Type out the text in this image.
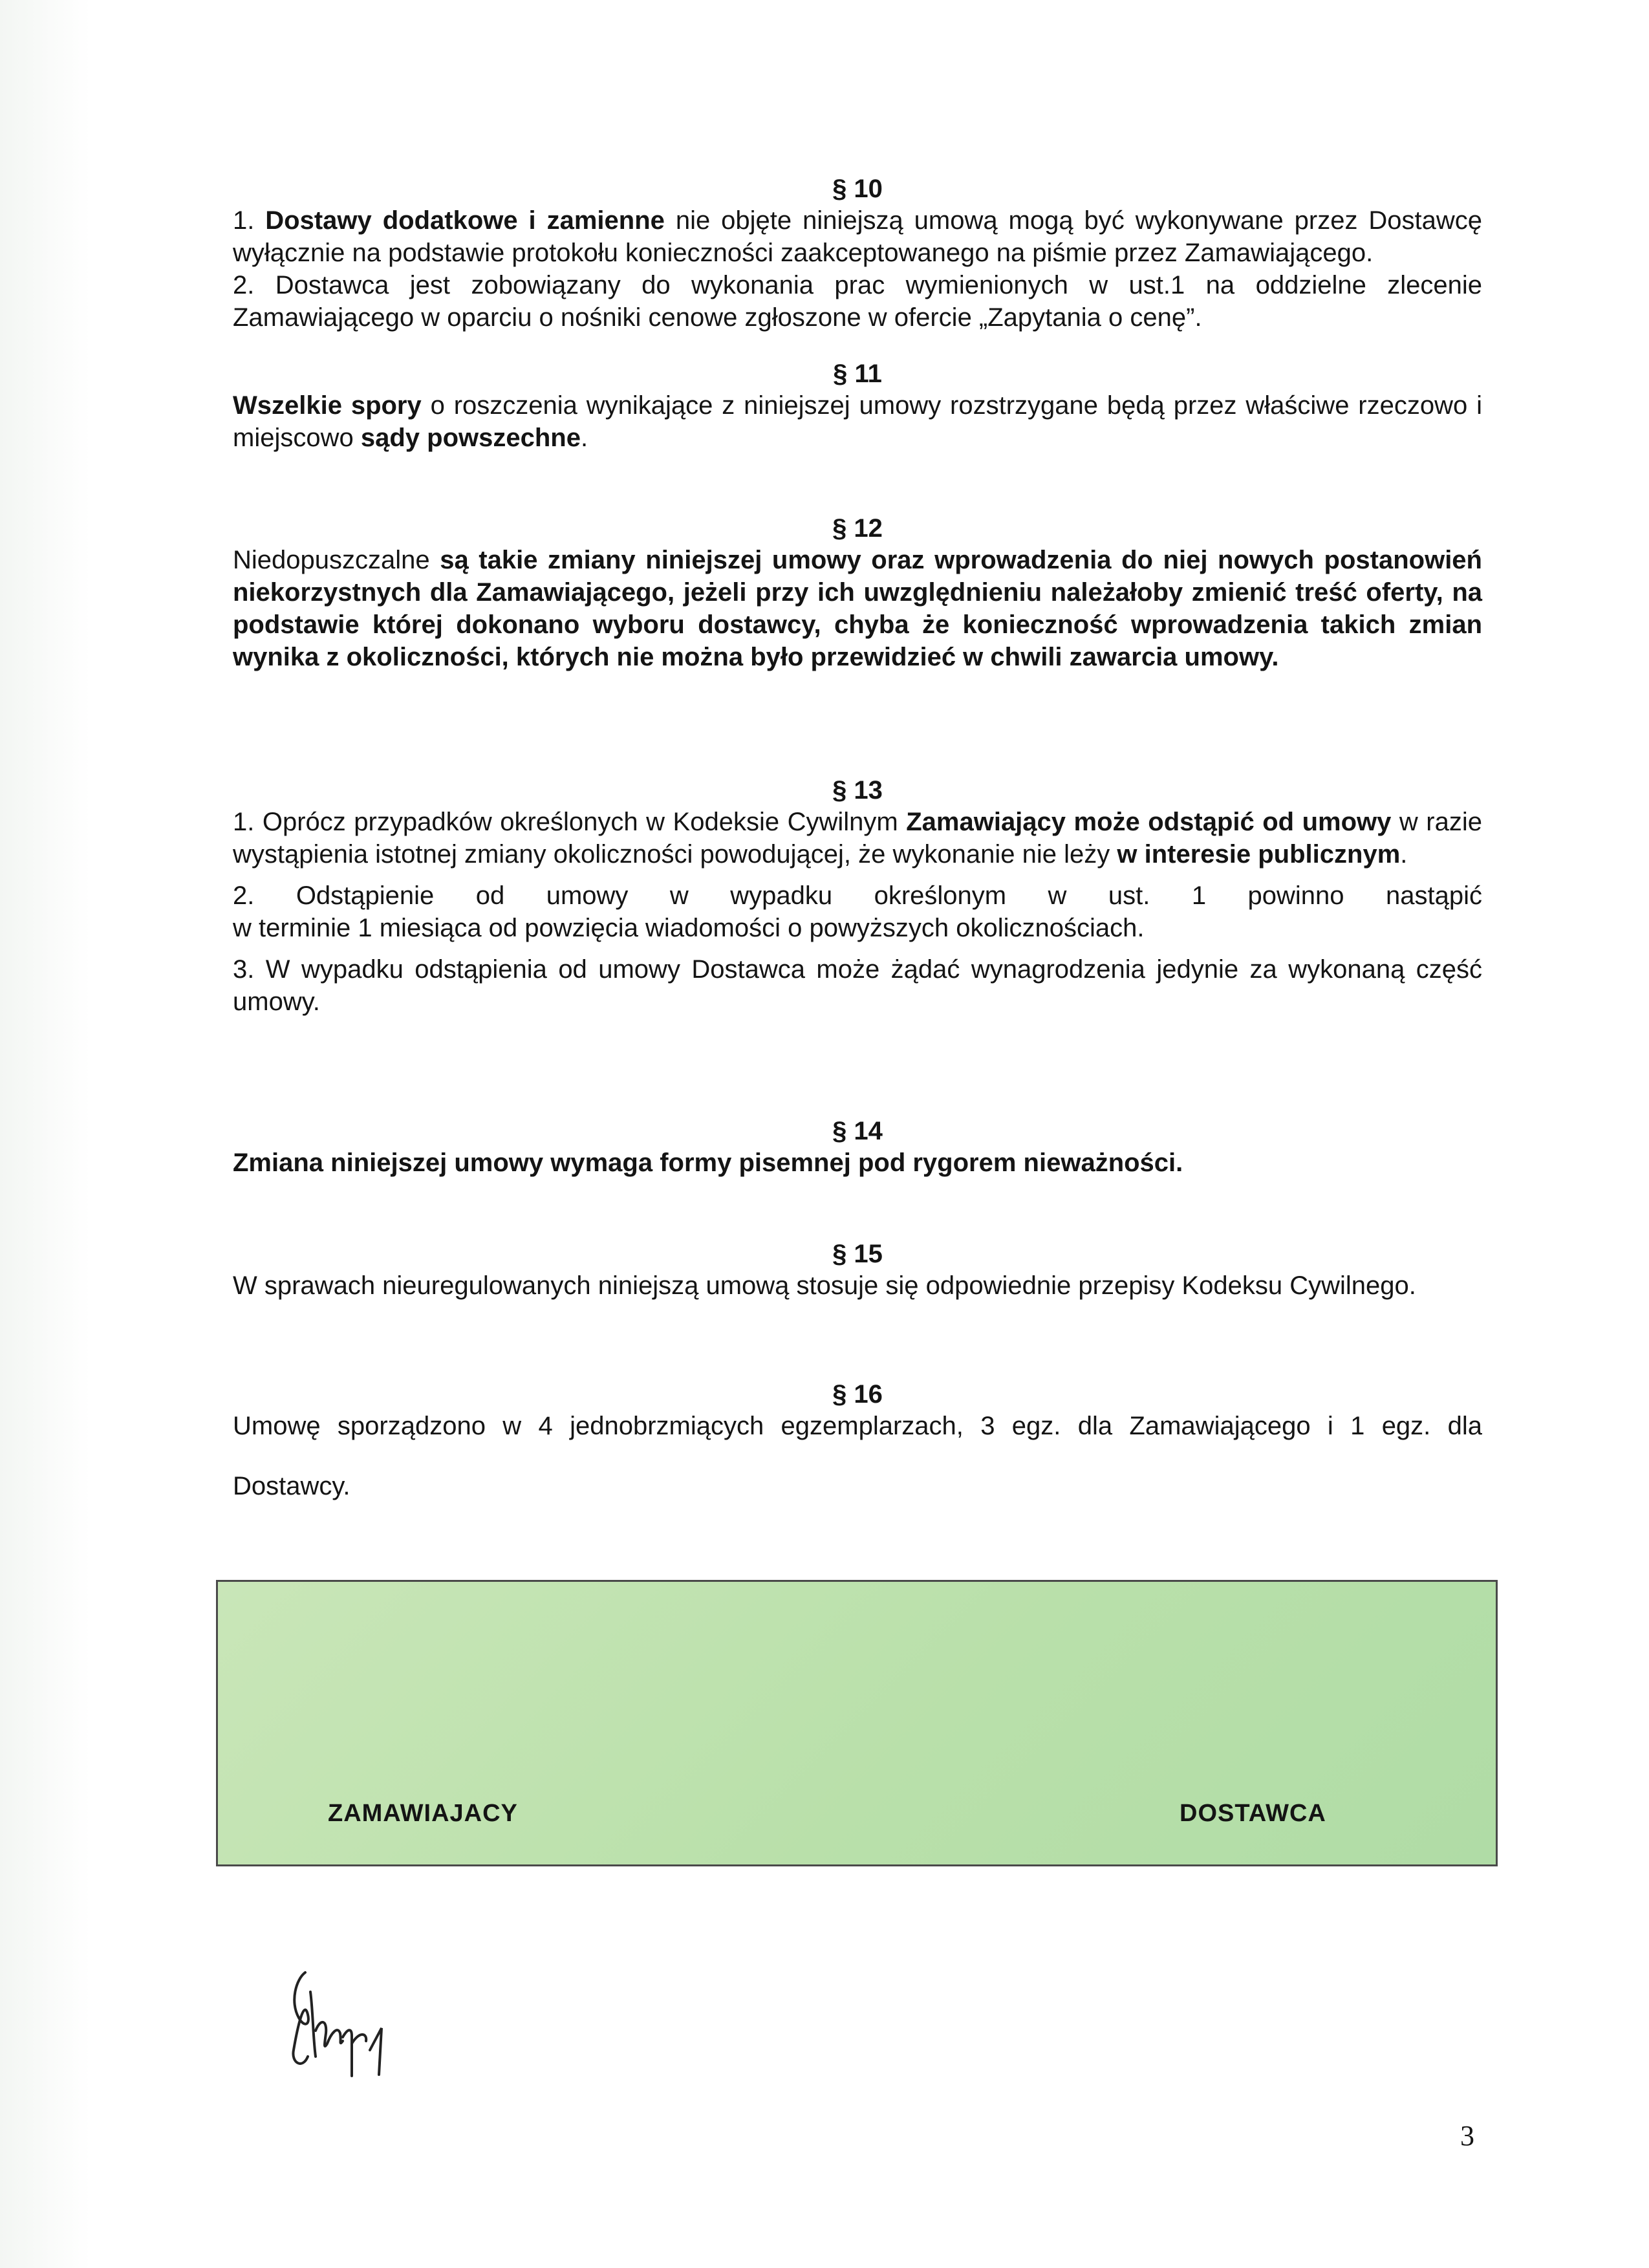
§ 10

1. Dostawy dodatkowe i zamienne nie objęte niniejszą umową mogą być wykonywane przez Dostawcę wyłącznie na podstawie protokołu konieczności zaakceptowanego na piśmie przez Zamawiającego.

2. Dostawca jest zobowiązany do wykonania prac wymienionych w ust.1 na oddzielne zlecenie Zamawiającego w oparciu o nośniki cenowe zgłoszone w ofercie „Zapytania o cenę”.

§ 11

Wszelkie spory o roszczenia wynikające z niniejszej umowy rozstrzygane będą przez właściwe rzeczowo i miejscowo sądy powszechne.

§ 12

Niedopuszczalne są takie zmiany niniejszej umowy oraz wprowadzenia do niej nowych postanowień niekorzystnych dla Zamawiającego, jeżeli przy ich uwzględnieniu należałoby zmienić treść oferty, na podstawie której dokonano wyboru dostawcy, chyba że konieczność wprowadzenia takich zmian wynika z okoliczności, których nie można było przewidzieć w chwili zawarcia umowy.

§ 13

1. Oprócz przypadków określonych w Kodeksie Cywilnym Zamawiający może odstąpić od umowy w razie wystąpienia istotnej zmiany okoliczności powodującej, że wykonanie nie leży w interesie publicznym.

2. Odstąpienie od umowy w wypadku określonym w ust. 1 powinno nastąpić

w terminie 1 miesiąca od powzięcia wiadomości o powyższych okolicznościach.

3. W wypadku odstąpienia od umowy Dostawca może żądać wynagrodzenia jedynie za wykonaną część umowy.

§ 14

Zmiana niniejszej umowy wymaga formy pisemnej pod rygorem nieważności.

§ 15

W sprawach nieuregulowanych niniejszą umową stosuje się odpowiednie przepisy Kodeksu Cywilnego.

§ 16

Umowę sporządzono w 4 jednobrzmiących egzemplarzach, 3 egz. dla Zamawiającego i 1 egz. dla

Dostawcy.

ZAMAWIAJACY	DOSTAWCA
3
